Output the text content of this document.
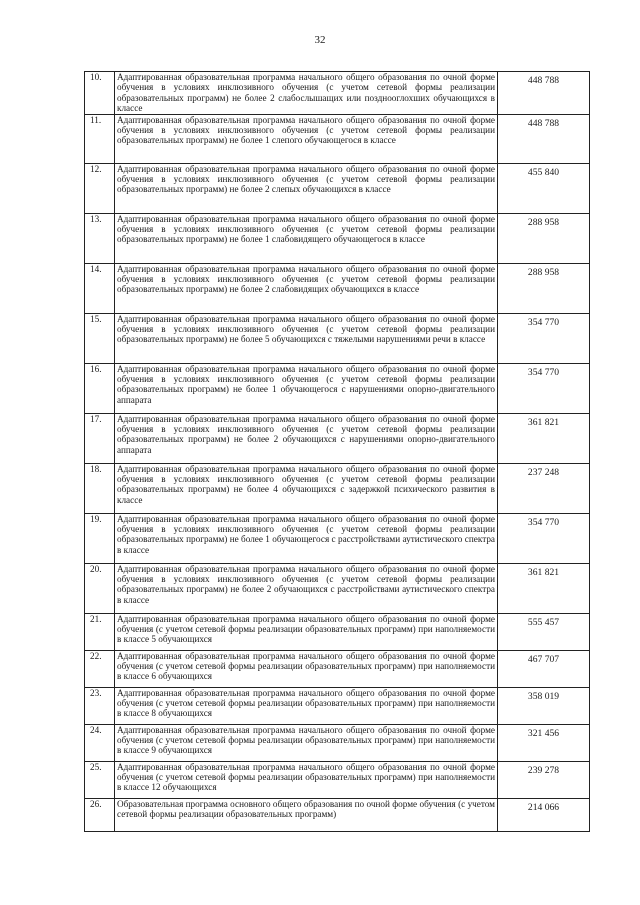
32
10.	Адаптированная образовательная программа начального общего образования по очной форме обучения в условиях инклюзивного обучения (с учетом сетевой формы реализации образовательных программ) не более 2 слабослышащих или позднооглохших обучающихся в классе	448 788
11.	Адаптированная образовательная программа начального общего образования по очной форме обучения в условиях инклюзивного обучения (с учетом сетевой формы реализации образовательных программ) не более 1 слепого обучающегося в классе	448 788
12.	Адаптированная образовательная программа начального общего образования по очной форме обучения в условиях инклюзивного обучения (с учетом сетевой формы реализации образовательных программ) не более 2 слепых обучающихся в классе	455 840
13.	Адаптированная образовательная программа начального общего образования по очной форме обучения в условиях инклюзивного обучения (с учетом сетевой формы реализации образовательных программ) не более 1 слабовидящего обучающегося в классе	288 958
14.	Адаптированная образовательная программа начального общего образования по очной форме обучения в условиях инклюзивного обучения (с учетом сетевой формы реализации образовательных программ) не более 2 слабовидящих обучающихся в классе	288 958
15.	Адаптированная образовательная программа начального общего образования по очной форме обучения в условиях инклюзивного обучения (с учетом сетевой формы реализации образовательных программ) не более 5 обучающихся с тяжелыми нарушениями речи в классе	354 770
16.	Адаптированная образовательная программа начального общего образования по очной форме обучения в условиях инклюзивного обучения (с учетом сетевой формы реализации образовательных программ) не более 1 обучающегося с нарушениями опорно-двигательного аппарата	354 770
17.	Адаптированная образовательная программа начального общего образования по очной форме обучения в условиях инклюзивного обучения (с учетом сетевой формы реализации образовательных программ) не более 2 обучающихся с нарушениями опорно-двигательного аппарата	361 821
18.	Адаптированная образовательная программа начального общего образования по очной форме обучения в условиях инклюзивного обучения (с учетом сетевой формы реализации образовательных программ) не более 4 обучающихся с задержкой психического развития в классе	237 248
19.	Адаптированная образовательная программа начального общего образования по очной форме обучения в условиях инклюзивного обучения (с учетом сетевой формы реализации образовательных программ) не более 1 обучающегося с расстройствами аутистического спектра в классе	354 770
20.	Адаптированная образовательная программа начального общего образования по очной форме обучения в условиях инклюзивного обучения (с учетом сетевой формы реализации образовательных программ) не более 2 обучающихся с расстройствами аутистического спектра в классе	361 821
21.	Адаптированная образовательная программа начального общего образования по очной форме обучения (с учетом сетевой формы реализации образовательных программ) при наполняемости в классе 5 обучающихся	555 457
22.	Адаптированная образовательная программа начального общего образования по очной форме обучения (с учетом сетевой формы реализации образовательных программ) при наполняемости в классе 6 обучающихся	467 707
23.	Адаптированная образовательная программа начального общего образования по очной форме обучения (с учетом сетевой формы реализации образовательных программ) при наполняемости в классе 8 обучающихся	358 019
24.	Адаптированная образовательная программа начального общего образования по очной форме обучения (с учетом сетевой формы реализации образовательных программ) при наполняемости в классе 9 обучающихся	321 456
25.	Адаптированная образовательная программа начального общего образования по очной форме обучения (с учетом сетевой формы реализации образовательных программ) при наполняемости в классе 12 обучающихся	239 278
26.	Образовательная программа основного общего образования по очной форме обучения (с учетом сетевой формы реализации образовательных программ)	214 066
